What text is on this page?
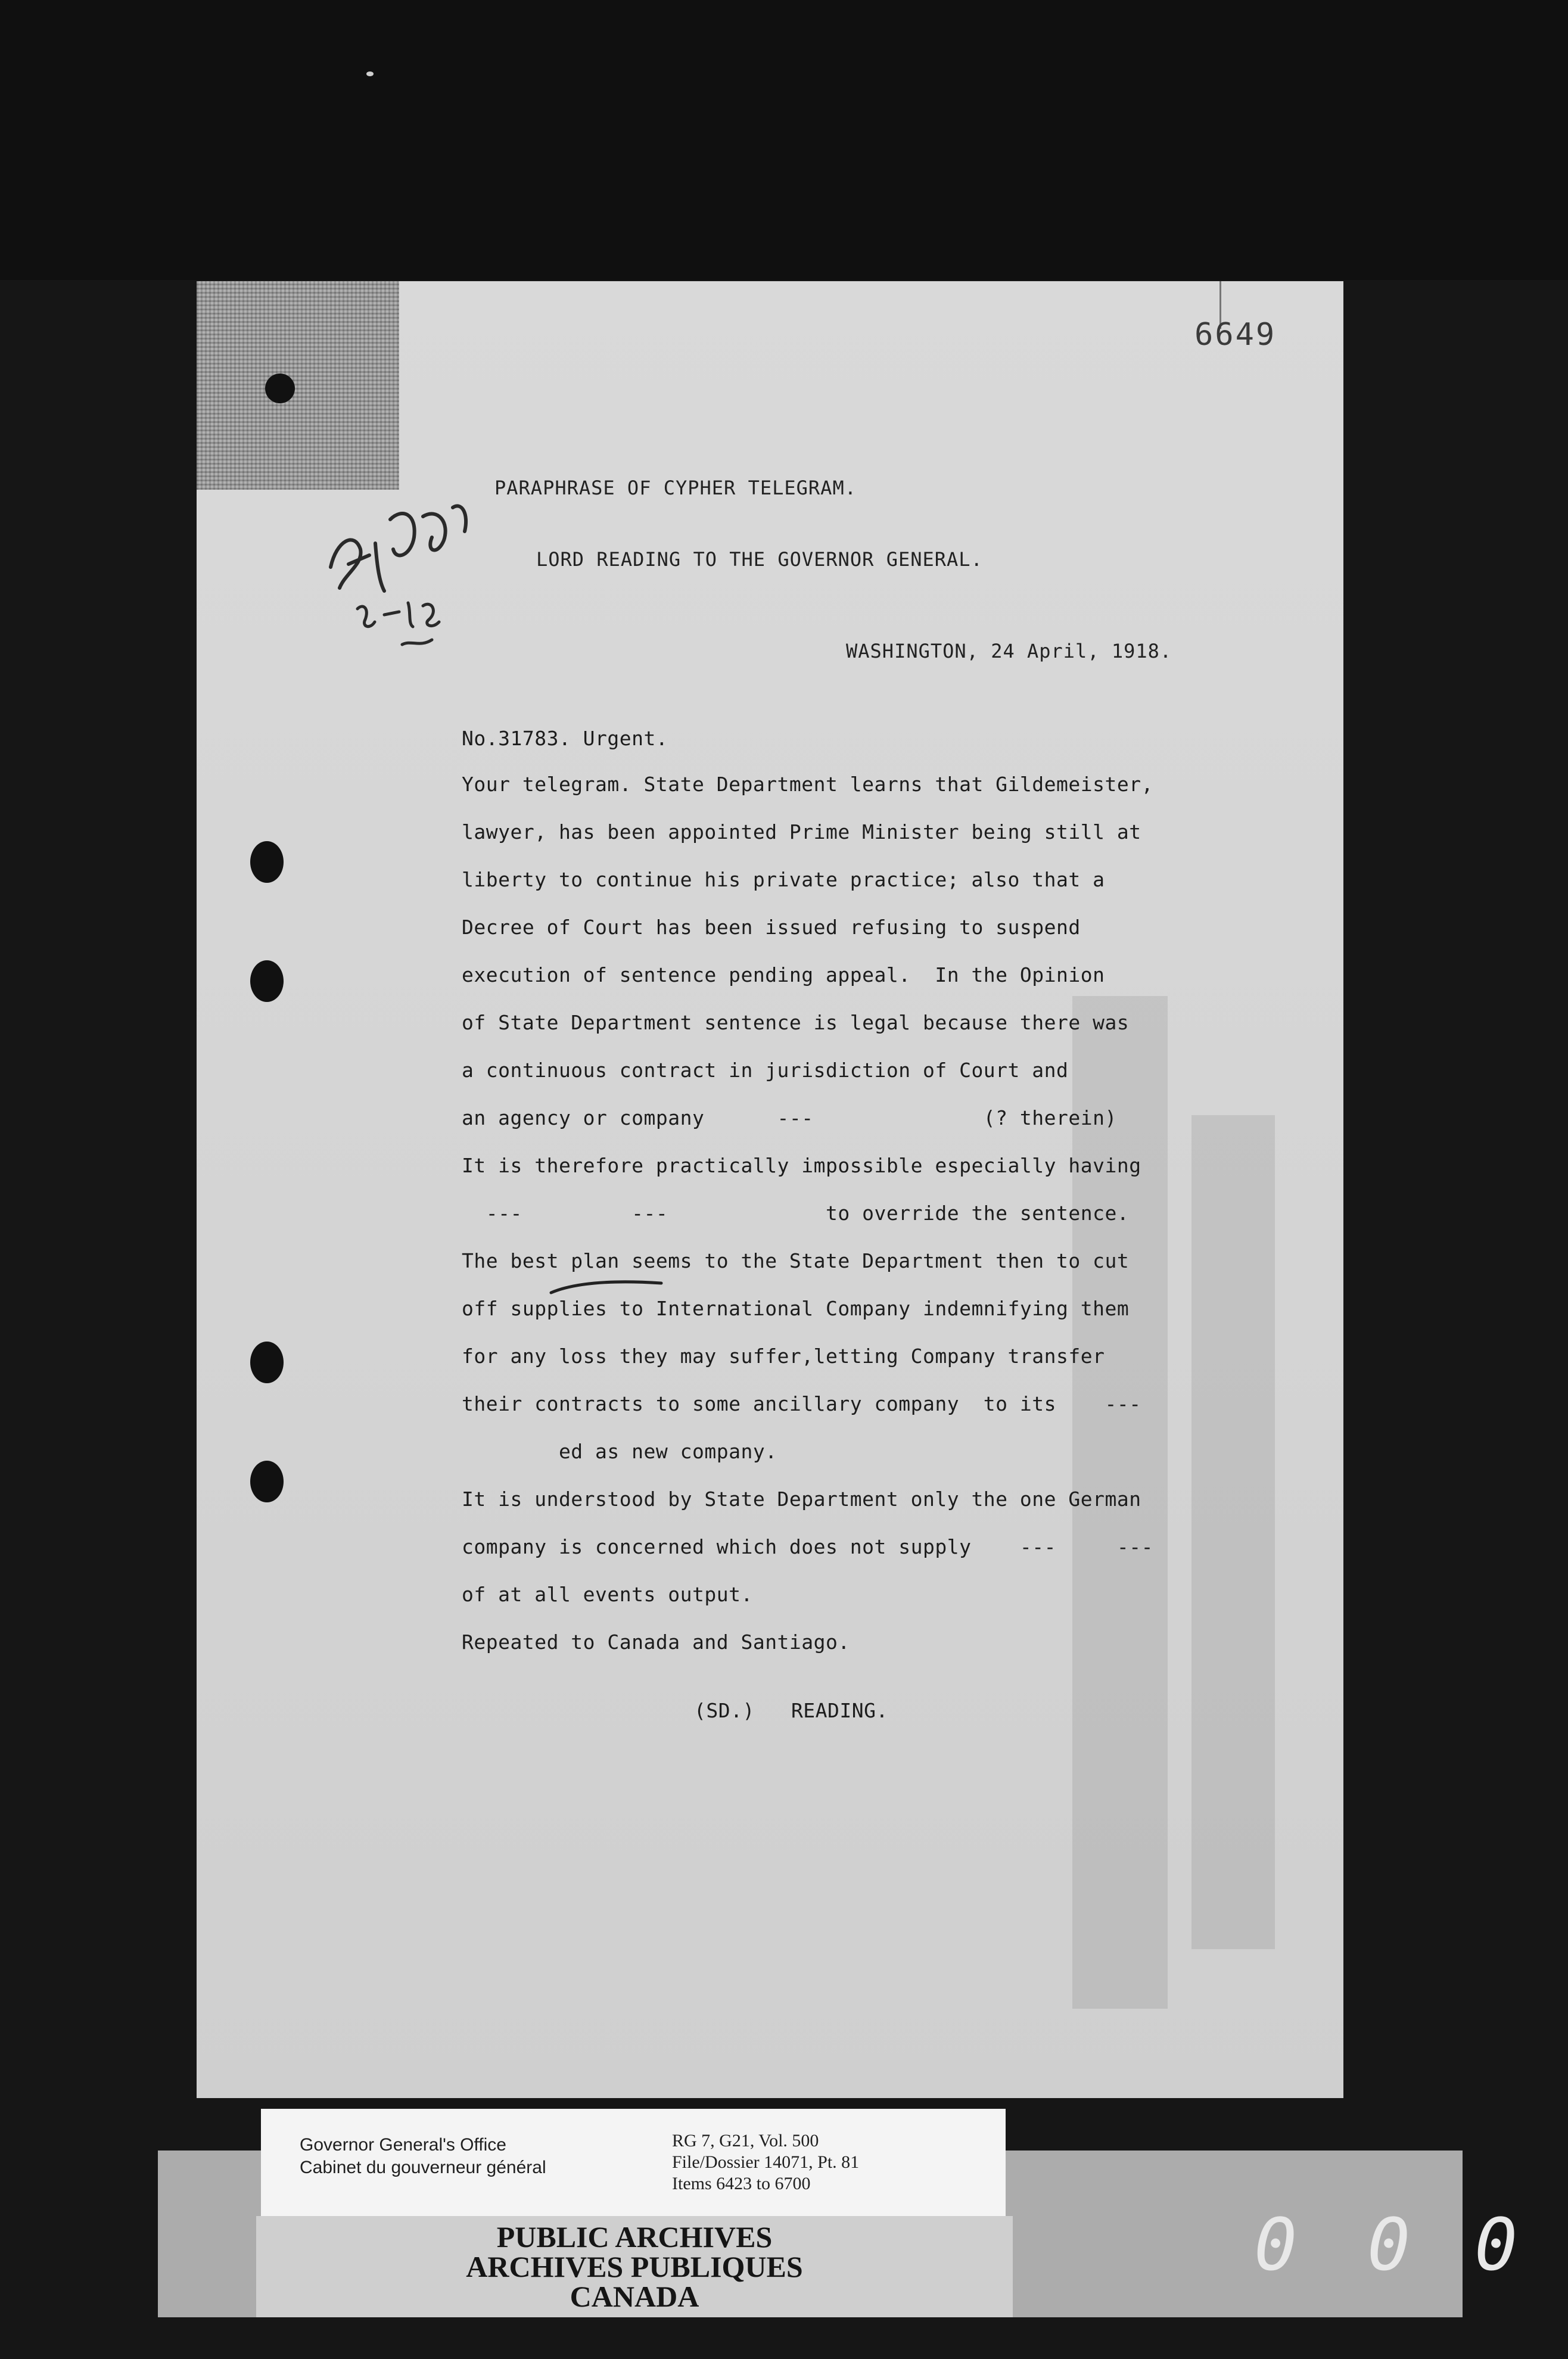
6649
PARAPHRASE OF CYPHER TELEGRAM.
LORD READING TO THE GOVERNOR GENERAL.
WASHINGTON, 24 April, 1918.
No.31783. Urgent.
Your telegram. State Department learns that Gildemeister,
lawyer, has been appointed Prime Minister being still at
liberty to continue his private practice; also that a
Decree of Court has been issued refusing to suspend
execution of sentence pending appeal.  In the Opinion
of State Department sentence is legal because there was
a continuous contract in jurisdiction of Court and
an agency or company      ---              (? therein)
It is therefore practically impossible especially having
---         ---             to override the sentence.
The best plan seems to the State Department then to cut
off supplies to International Company indemnifying them
for any loss they may suffer,letting Company transfer
their contracts to some ancillary company  to its    ---
ed as new company.
It is understood by State Department only the one German
company is concerned which does not supply    ---     ---
of at all events output.
Repeated to Canada and Santiago.
(SD.)   READING.
Governor General's Office
Cabinet du gouverneur général
RG 7, G21, Vol. 500
File/Dossier 14071, Pt. 81
Items 6423 to 6700
PUBLIC ARCHIVES
ARCHIVES PUBLIQUES
CANADA
0 0 0
